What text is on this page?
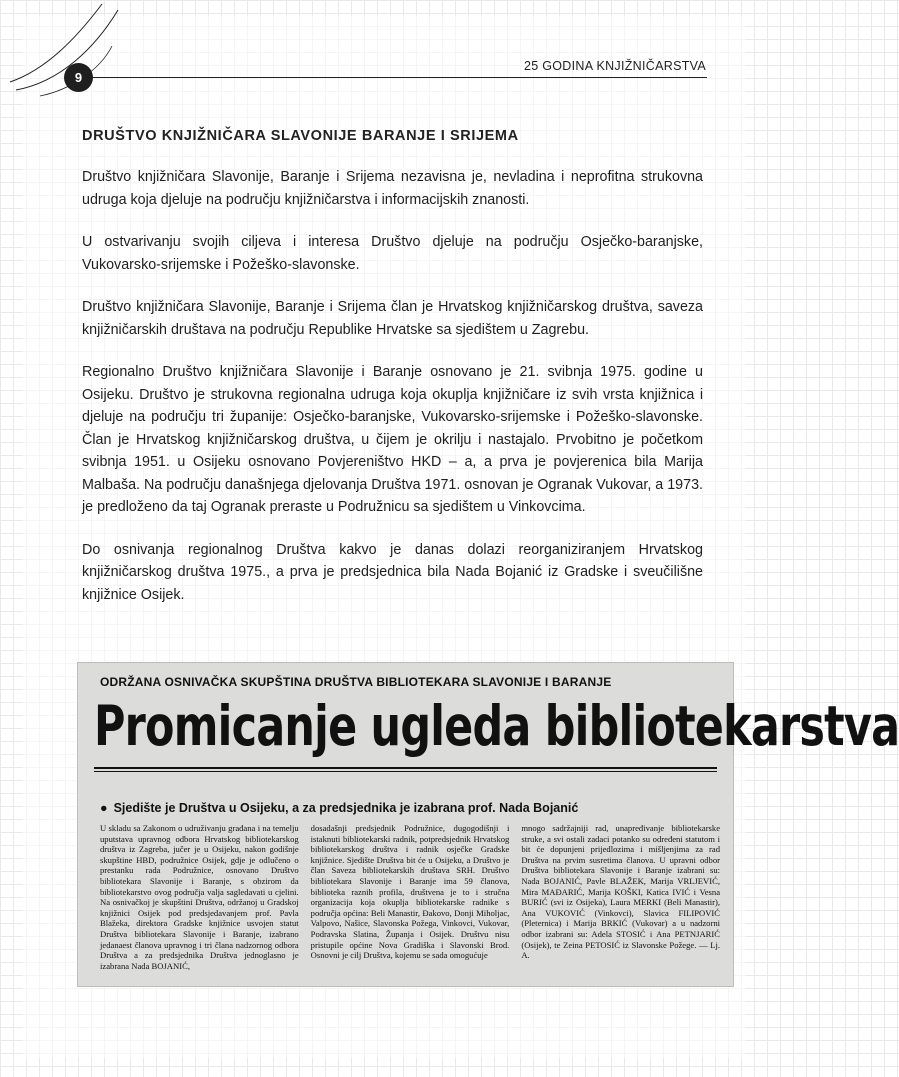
9
25 GODINA KNJIŽNIČARSTVA
DRUŠTVO KNJIŽNIČARA SLAVONIJE BARANJE I SRIJEMA

Društvo knjižničara Slavonije, Baranje i Srijema nezavisna je, nevladina i neprofitna strukovna udruga koja djeluje na području knjižničarstva i informacijskih znanosti.

U ostvarivanju svojih ciljeva i interesa Društvo djeluje na području Osječko-baranjske, Vukovarsko-srijemske i Požeško-slavonske.

Društvo knjižničara Slavonije, Baranje i Srijema član je Hrvatskog knjižničarskog društva, saveza knjižničarskih društava na području Republike Hrvatske sa sjedištem u Zagrebu.

Regionalno Društvo knjižničara Slavonije i Baranje osnovano je 21. svibnja 1975. godine u Osijeku. Društvo je strukovna regionalna udruga koja okuplja knjižničare iz svih vrsta knjižnica i djeluje na području tri županije: Osječko-baranjske, Vukovarsko-srijemske i Požeško-slavonske. Član je Hrvatskog knjižničarskog društva, u čijem je okrilju i nastajalo. Prvobitno je početkom svibnja 1951. u Osijeku osnovano Povjereništvo HKD – a, a prva je povjerenica bila Marija Malbaša. Na području današnjega djelovanja Društva 1971. osnovan je Ogranak Vukovar, a 1973. je predloženo da taj Ogranak preraste u Podružnicu sa sjedištem u Vinkovcima.

Do osnivanja regionalnog Društva kakvo je danas dolazi reorganiziranjem Hrvatskog knjižničarskog društva 1975., a prva je predsjednica bila Nada Bojanić iz Gradske i sveučilišne knjižnice Osijek.

ODRŽANA OSNIVAČKA SKUPŠTINA DRUŠTVA BIBLIOTEKARA SLAVONIJE I BARANJE
Promicanje ugleda bibliotekarstva
● Sjedište je Društva u Osijeku, a za predsjednika je izabrana prof. Nada Bojanić

U skladu sa Zakonom o udruživanju građana i na temelju uputstava upravnog odbora Hrvatskog bibliotekarskog društva iz Zagreba, jučer je u Osijeku, nakon godišnje skupštine HBD, podružnice Osijek, gdje je odlučeno o prestanku rada Podružnice, osnovano Društvo bibliotekara Slavonije i Baranje, s obzirom da bibliotekarstvo ovog područja valja sagledavati u cjelini. Na osnivačkoj je skupštini Društva, održanoj u Gradskoj knjižnici Osijek pod predsjedavanjem prof. Pavla Blažeka, direktora Gradske knjižnice usvojen statut Društva bibliotekara Slavonije i Baranje, izabrano jedanaest članova upravnog i tri člana nadzornog odbora Društva a za predsjednika Društva jednoglasno je izabrana Nada BOJANIĆ,

dosadašnji predsjednik Podružnice, dugogodišnji i istaknuti bibliotekarski radnik, potpredsjednik Hrvatskog bibliotekarskog društva i radnik osječke Gradske knjižnice. Sjedište Društva bit će u Osijeku, a Društvo je član Saveza bibliotekarskih društava SRH. Društvo bibliotekara Slavonije i Baranje ima 59 članova, biblioteka raznih profila, društvena je to i stručna organizacija koja okuplja bibliotekarske radnike s područja općina: Beli Manastir, Đakovo, Donji Miholjac, Valpovo, Našice, Slavonska Požega, Vinkovci, Vukovar, Podravska Slatina, Županja i Osijek. Društvu nisu pristupile općine Nova Gradiška i Slavonski Brod. Osnovni je cilj Društva, kojemu se sada omogućuje

mnogo sadržajniji rad, unapređivanje bibliotekarske struke, a svi ostali zadaci potanko su određeni statutom i bit će dopunjeni prijedlozima i mišljenjima za rad Društva na prvim susretima članova. U upravni odbor Društva bibliotekara Slavonije i Baranje izabrani su: Nada BOJANIĆ, Pavle BLAŽEK, Marija VRLJEVIĆ, Mira MAĐARIĆ, Marija KOŠKI, Katica IVIĆ i Vesna BURIĆ (svi iz Osijeka), Laura MERKI (Beli Manastir), Ana VUKOVIĆ (Vinkovci), Slavica FILIPOVIĆ (Pleternica) i Marija BRKIĆ (Vukovar) a u nadzorni odbor izabrani su: Adela STOSIĆ i Ana PETNJARIĆ (Osijek), te Zeina PETOSIĆ iz Slavonske Požege. — Lj. A.
